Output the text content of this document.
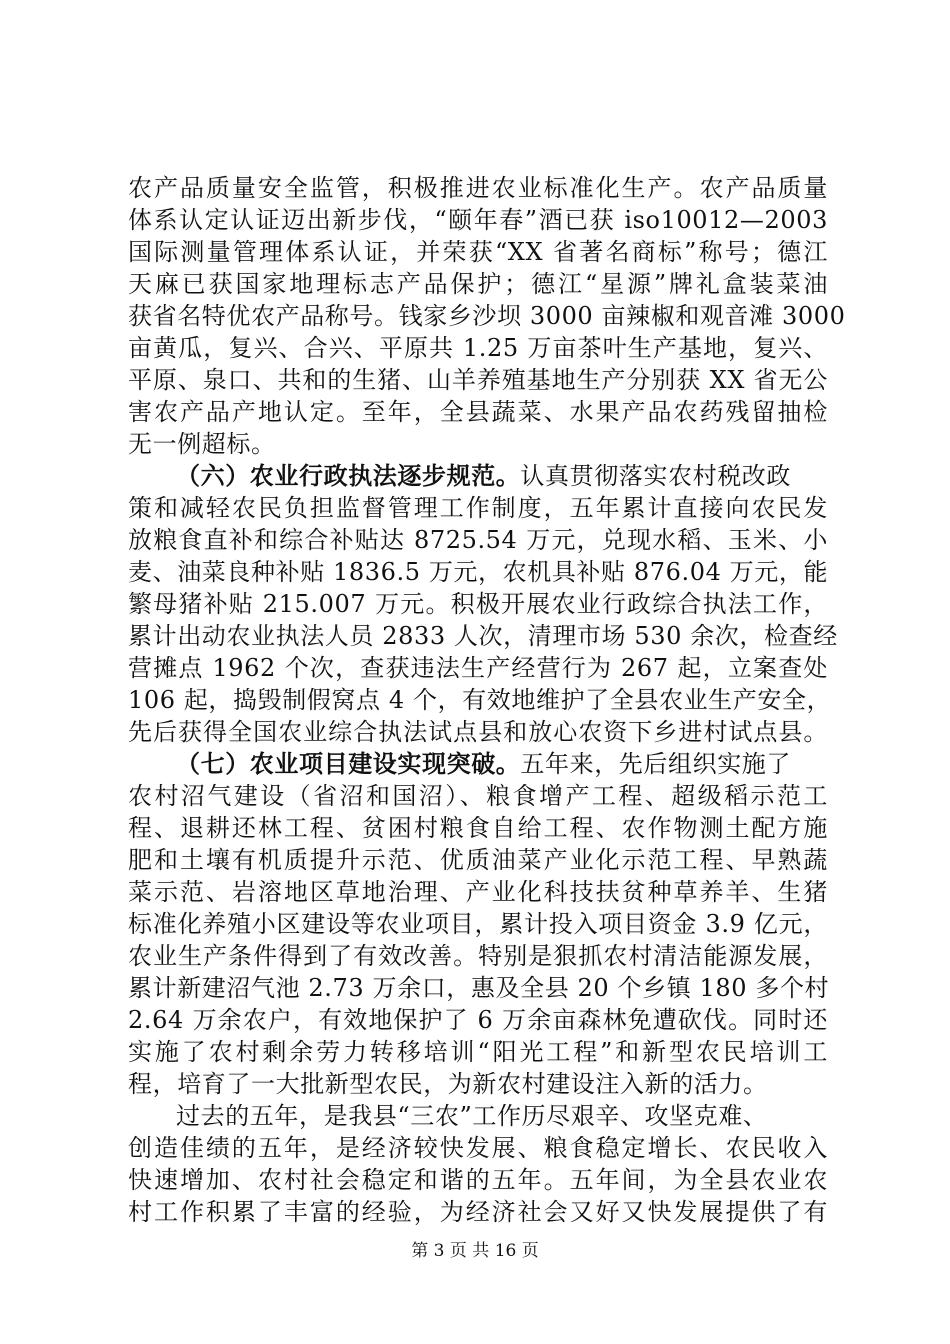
农产品质量安全监管，积极推进农业标准化生产。农产品质量
体系认定认证迈出新步伐，“颐年春”酒已获 iso10012—2003
国际测量管理体系认证，并荣获“XX 省著名商标”称号；德江
天麻已获国家地理标志产品保护；德江“星源”牌礼盒装菜油
获省名特优农产品称号。钱家乡沙坝 3000 亩辣椒和观音滩 3000
亩黄瓜，复兴、合兴、平原共 1.25 万亩茶叶生产基地，复兴、
平原、泉口、共和的生猪、山羊养殖基地生产分别获 XX 省无公
害农产品产地认定。至年，全县蔬菜、水果产品农药残留抽检
无一例超标。
（六）农业行政执法逐步规范。认真贯彻落实农村税改政
策和减轻农民负担监督管理工作制度，五年累计直接向农民发
放粮食直补和综合补贴达 8725.54 万元，兑现水稻、玉米、小
麦、油菜良种补贴 1836.5 万元，农机具补贴 876.04 万元，能
繁母猪补贴 215.007 万元。积极开展农业行政综合执法工作，
累计出动农业执法人员 2833 人次，清理市场 530 余次，检查经
营摊点 1962 个次，查获违法生产经营行为 267 起，立案查处
106 起，捣毁制假窝点 4 个，有效地维护了全县农业生产安全，
先后获得全国农业综合执法试点县和放心农资下乡进村试点县。
（七）农业项目建设实现突破。五年来，先后组织实施了
农村沼气建设（省沼和国沼）、粮食增产工程、超级稻示范工
程、退耕还林工程、贫困村粮食自给工程、农作物测土配方施
肥和土壤有机质提升示范、优质油菜产业化示范工程、早熟蔬
菜示范、岩溶地区草地治理、产业化科技扶贫种草养羊、生猪
标准化养殖小区建设等农业项目，累计投入项目资金 3.9 亿元，
农业生产条件得到了有效改善。特别是狠抓农村清洁能源发展，
累计新建沼气池 2.73 万余口，惠及全县 20 个乡镇 180 多个村
2.64 万余农户，有效地保护了 6 万余亩森林免遭砍伐。同时还
实施了农村剩余劳力转移培训“阳光工程”和新型农民培训工
程，培育了一大批新型农民，为新农村建设注入新的活力。
过去的五年，是我县“三农”工作历尽艰辛、攻坚克难、
创造佳绩的五年，是经济较快发展、粮食稳定增长、农民收入
快速增加、农村社会稳定和谐的五年。五年间，为全县农业农
村工作积累了丰富的经验，为经济社会又好又快发展提供了有
第 3 页 共 16 页
